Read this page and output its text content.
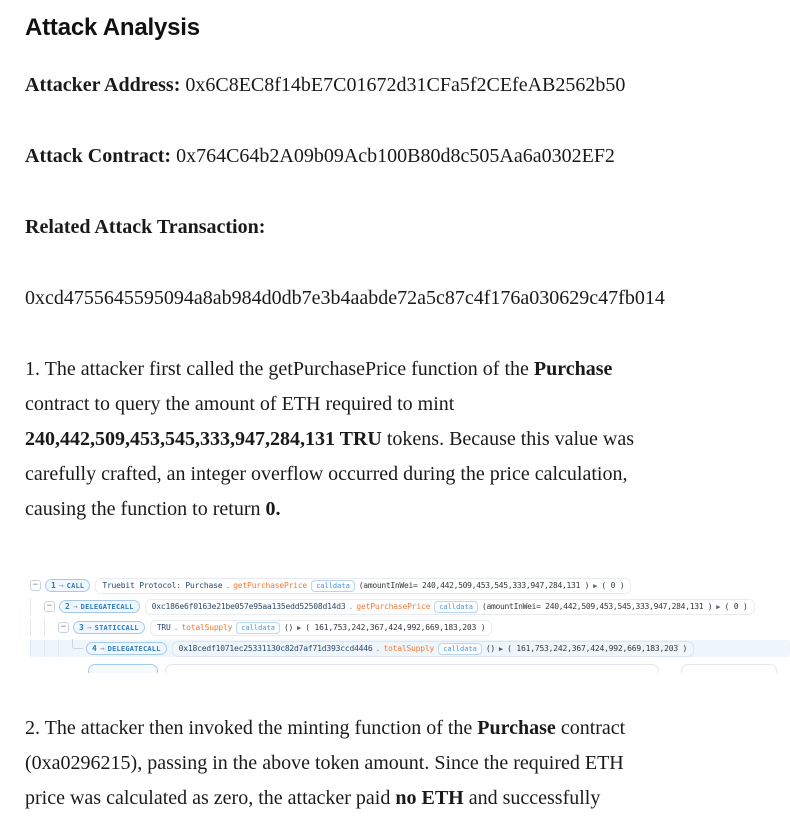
Attack Analysis

Attacker Address: 0x6C8EC8f14bE7C01672d31CFa5f2CEfeAB2562b50

Attack Contract: 0x764C64b2A09b09Acb100B80d8c505Aa6a0302EF2

Related Attack Transaction:

0xcd4755645595094a8ab984d0db7e3b4aabde72a5c87c4f176a030629c47fb014

1. The attacker first called the getPurchasePrice function of the Purchase
contract to query the amount of ETH required to mint
240,442,509,453,545,333,947,284,131 TRU tokens. Because this value was
carefully crafted, an integer overflow occurred during the price calculation,
causing the function to return 0.
− 1 → CALL Truebit Protocol: Purchase . getPurchasePrice	calldata	(amountInWei= 240,442,509,453,545,333,947,284,131 ) ▶ ( 0 )
− 2 → DELEGATECALL 0xc186e6f0163e21be057e95aa135edd52508d14d3 . getPurchasePrice	calldata	(amountInWei= 240,442,509,453,545,333,947,284,131 ) ▶ ( 0 )
− 3 → STATICCALL TRU . totalSupply	calldata	() ▶ ( 161,753,242,367,424,992,669,183,203 )
4 → DELEGATECALL 0x18cedf1071ec25331130c82d7af71d393ccd4446 . totalSupply	calldata	() ▶ ( 161,753,242,367,424,992,669,183,203 )
2. The attacker then invoked the minting function of the Purchase contract
(0xa0296215), passing in the above token amount. Since the required ETH
price was calculated as zero, the attacker paid no ETH and successfully
